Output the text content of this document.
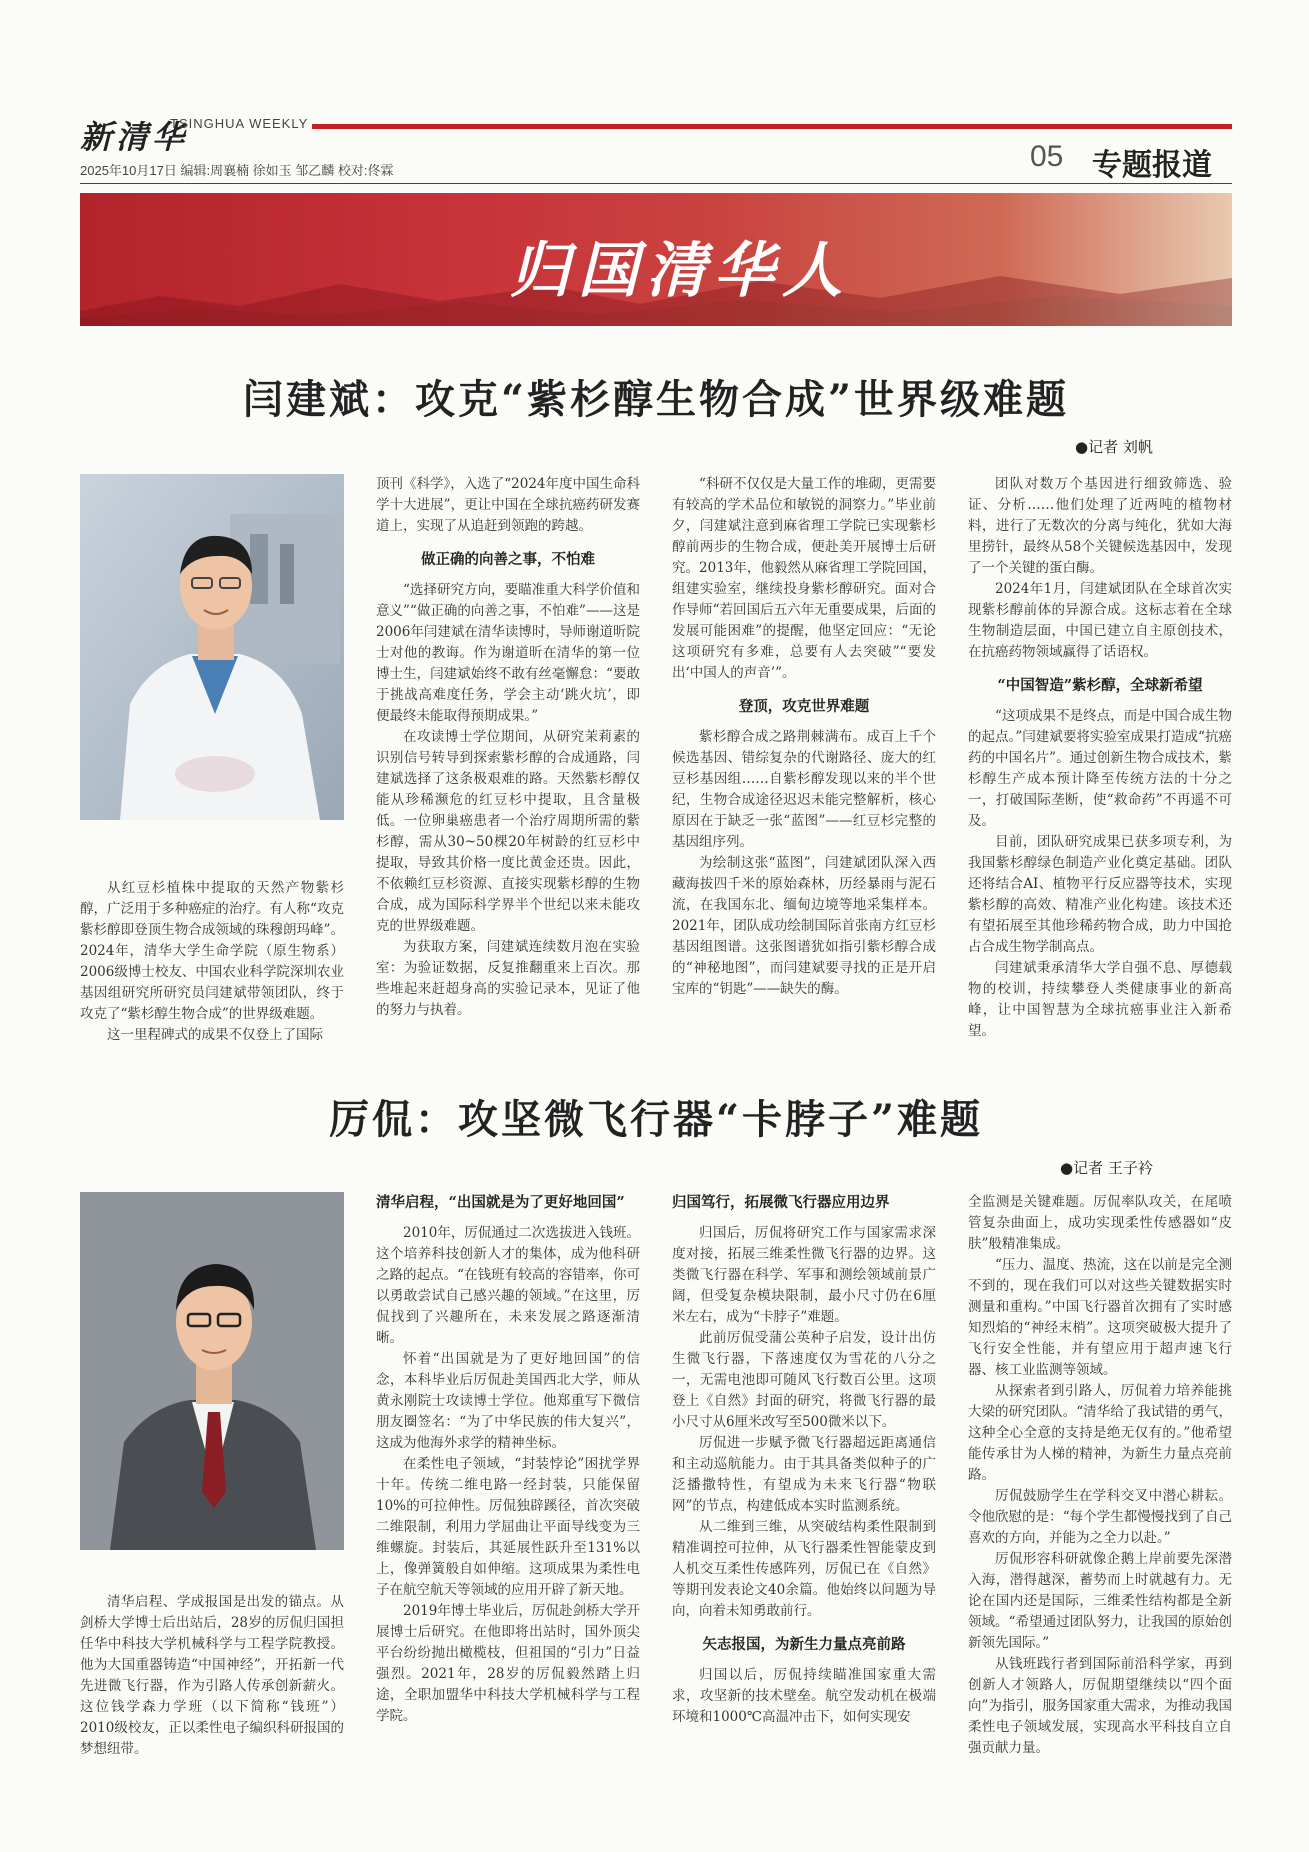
新清华
TSINGHUA WEEKLY
2025年10月17日 编辑:周襄楠 徐如玉 邹乙麟 校对:佟霖	05 专题报道
归国清华人
闫建斌：攻克“紫杉醇生物合成”世界级难题
●记者 刘帆

从红豆杉植株中提取的天然产物紫杉醇，广泛用于多种癌症的治疗。有人称“攻克紫杉醇即登顶生物合成领域的珠穆朗玛峰”。2024年，清华大学生命学院（原生物系）2006级博士校友、中国农业科学院深圳农业基因组研究所研究员闫建斌带领团队，终于攻克了“紫杉醇生物合成”的世界级难题。

这一里程碑式的成果不仅登上了国际

顶刊《科学》，入选了“2024年度中国生命科学十大进展”，更让中国在全球抗癌药研发赛道上，实现了从追赶到领跑的跨越。

做正确的向善之事，不怕难

“选择研究方向，要瞄准重大科学价值和意义”“做正确的向善之事，不怕难”——这是2006年闫建斌在清华读博时，导师谢道昕院士对他的教诲。作为谢道昕在清华的第一位博士生，闫建斌始终不敢有丝毫懈怠：“要敢于挑战高难度任务，学会主动‘跳火坑’，即便最终未能取得预期成果。”

在攻读博士学位期间，从研究茉莉素的识别信号转导到探索紫杉醇的合成通路，闫建斌选择了这条极艰难的路。天然紫杉醇仅能从珍稀濒危的红豆杉中提取，且含量极低。一位卵巢癌患者一个治疗周期所需的紫杉醇，需从30~50棵20年树龄的红豆杉中提取，导致其价格一度比黄金还贵。因此，不依赖红豆杉资源、直接实现紫杉醇的生物合成，成为国际科学界半个世纪以来未能攻克的世界级难题。

为获取方案，闫建斌连续数月泡在实验室：为验证数据，反复推翻重来上百次。那些堆起来赶超身高的实验记录本，见证了他的努力与执着。

“科研不仅仅是大量工作的堆砌，更需要有较高的学术品位和敏锐的洞察力。”毕业前夕，闫建斌注意到麻省理工学院已实现紫杉醇前两步的生物合成，便赴美开展博士后研究。2013年，他毅然从麻省理工学院回国，组建实验室，继续投身紫杉醇研究。面对合作导师“若回国后五六年无重要成果，后面的发展可能困难”的提醒，他坚定回应：“无论这项研究有多难，总要有人去突破”“要发出‘中国人的声音’”。

登顶，攻克世界难题

紫杉醇合成之路荆棘满布。成百上千个候选基因、错综复杂的代谢路径、庞大的红豆杉基因组……自紫杉醇发现以来的半个世纪，生物合成途径迟迟未能完整解析，核心原因在于缺乏一张“蓝图”——红豆杉完整的基因组序列。

为绘制这张“蓝图”，闫建斌团队深入西藏海拔四千米的原始森林，历经暴雨与泥石流，在我国东北、缅甸边境等地采集样本。2021年，团队成功绘制国际首张南方红豆杉基因组图谱。这张图谱犹如指引紫杉醇合成的“神秘地图”，而闫建斌要寻找的正是开启宝库的“钥匙”——缺失的酶。

团队对数万个基因进行细致筛选、验证、分析……他们处理了近两吨的植物材料，进行了无数次的分离与纯化，犹如大海里捞针，最终从58个关键候选基因中，发现了一个关键的蛋白酶。

2024年1月，闫建斌团队在全球首次实现紫杉醇前体的异源合成。这标志着在全球生物制造层面，中国已建立自主原创技术，在抗癌药物领域赢得了话语权。

“中国智造”紫杉醇，全球新希望

“这项成果不是终点，而是中国合成生物的起点。”闫建斌要将实验室成果打造成“抗癌药的中国名片”。通过创新生物合成技术，紫杉醇生产成本预计降至传统方法的十分之一，打破国际垄断，使“救命药”不再遥不可及。

目前，团队研究成果已获多项专利，为我国紫杉醇绿色制造产业化奠定基础。团队还将结合AI、植物平行反应器等技术，实现紫杉醇的高效、精准产业化构建。该技术还有望拓展至其他珍稀药物合成，助力中国抢占合成生物学制高点。

闫建斌秉承清华大学自强不息、厚德载物的校训，持续攀登人类健康事业的新高峰，让中国智慧为全球抗癌事业注入新希望。

厉侃：攻坚微飞行器“卡脖子”难题
●记者 王子衿

清华启程、学成报国是出发的锚点。从剑桥大学博士后出站后，28岁的厉侃归国担任华中科技大学机械科学与工程学院教授。他为大国重器铸造“中国神经”，开拓新一代先进微飞行器，作为引路人传承创新薪火。这位钱学森力学班（以下简称“钱班”）2010级校友，正以柔性电子编织科研报国的梦想纽带。

清华启程，“出国就是为了更好地回国”

2010年，厉侃通过二次选拔进入钱班。这个培养科技创新人才的集体，成为他科研之路的起点。“在钱班有较高的容错率，你可以勇敢尝试自己感兴趣的领域。”在这里，厉侃找到了兴趣所在，未来发展之路逐渐清晰。

怀着“出国就是为了更好地回国”的信念，本科毕业后厉侃赴美国西北大学，师从黄永刚院士攻读博士学位。他郑重写下微信朋友圈签名：“为了中华民族的伟大复兴”，这成为他海外求学的精神坐标。

在柔性电子领域，“封装悖论”困扰学界十年。传统二维电路一经封装，只能保留10%的可拉伸性。厉侃独辟蹊径，首次突破二维限制，利用力学屈曲让平面导线变为三维螺旋。封装后，其延展性跃升至131%以上，像弹簧般自如伸缩。这项成果为柔性电子在航空航天等领域的应用开辟了新天地。

2019年博士毕业后，厉侃赴剑桥大学开展博士后研究。在他即将出站时，国外顶尖平台纷纷抛出橄榄枝，但祖国的“引力”日益强烈。2021年，28岁的厉侃毅然踏上归途，全职加盟华中科技大学机械科学与工程学院。

归国笃行，拓展微飞行器应用边界

归国后，厉侃将研究工作与国家需求深度对接，拓展三维柔性微飞行器的边界。这类微飞行器在科学、军事和测绘领域前景广阔，但受复杂模块限制，最小尺寸仍在6厘米左右，成为“卡脖子”难题。

此前厉侃受蒲公英种子启发，设计出仿生微飞行器，下落速度仅为雪花的八分之一，无需电池即可随风飞行数百公里。这项登上《自然》封面的研究，将微飞行器的最小尺寸从6厘米改写至500微米以下。

厉侃进一步赋予微飞行器超远距离通信和主动巡航能力。由于其具备类似种子的广泛播撒特性，有望成为未来飞行器“物联网”的节点，构建低成本实时监测系统。

从二维到三维，从突破结构柔性限制到精准调控可拉伸，从飞行器柔性智能蒙皮到人机交互柔性传感阵列，厉侃已在《自然》等期刊发表论文40余篇。他始终以问题为导向，向着未知勇敢前行。

矢志报国，为新生力量点亮前路

归国以后，厉侃持续瞄准国家重大需求，攻坚新的技术壁垒。航空发动机在极端环境和1000℃高温冲击下，如何实现安

全监测是关键难题。厉侃率队攻关，在尾喷管复杂曲面上，成功实现柔性传感器如“皮肤”般精准集成。

“压力、温度、热流，这在以前是完全测不到的，现在我们可以对这些关键数据实时测量和重构。”中国飞行器首次拥有了实时感知烈焰的“神经末梢”。这项突破极大提升了飞行安全性能，并有望应用于超声速飞行器、核工业监测等领域。

从探索者到引路人，厉侃着力培养能挑大梁的研究团队。“清华给了我试错的勇气，这种全心全意的支持是绝无仅有的。”他希望能传承甘为人梯的精神，为新生力量点亮前路。

厉侃鼓励学生在学科交叉中潜心耕耘。令他欣慰的是：“每个学生都慢慢找到了自己喜欢的方向，并能为之全力以赴。”

厉侃形容科研就像企鹅上岸前要先深潜入海，潜得越深，蓄势而上时就越有力。无论在国内还是国际，三维柔性结构都是全新领域。“希望通过团队努力，让我国的原始创新领先国际。”

从钱班践行者到国际前沿科学家，再到创新人才领路人，厉侃期望继续以“四个面向”为指引，服务国家重大需求，为推动我国柔性电子领域发展，实现高水平科技自立自强贡献力量。
